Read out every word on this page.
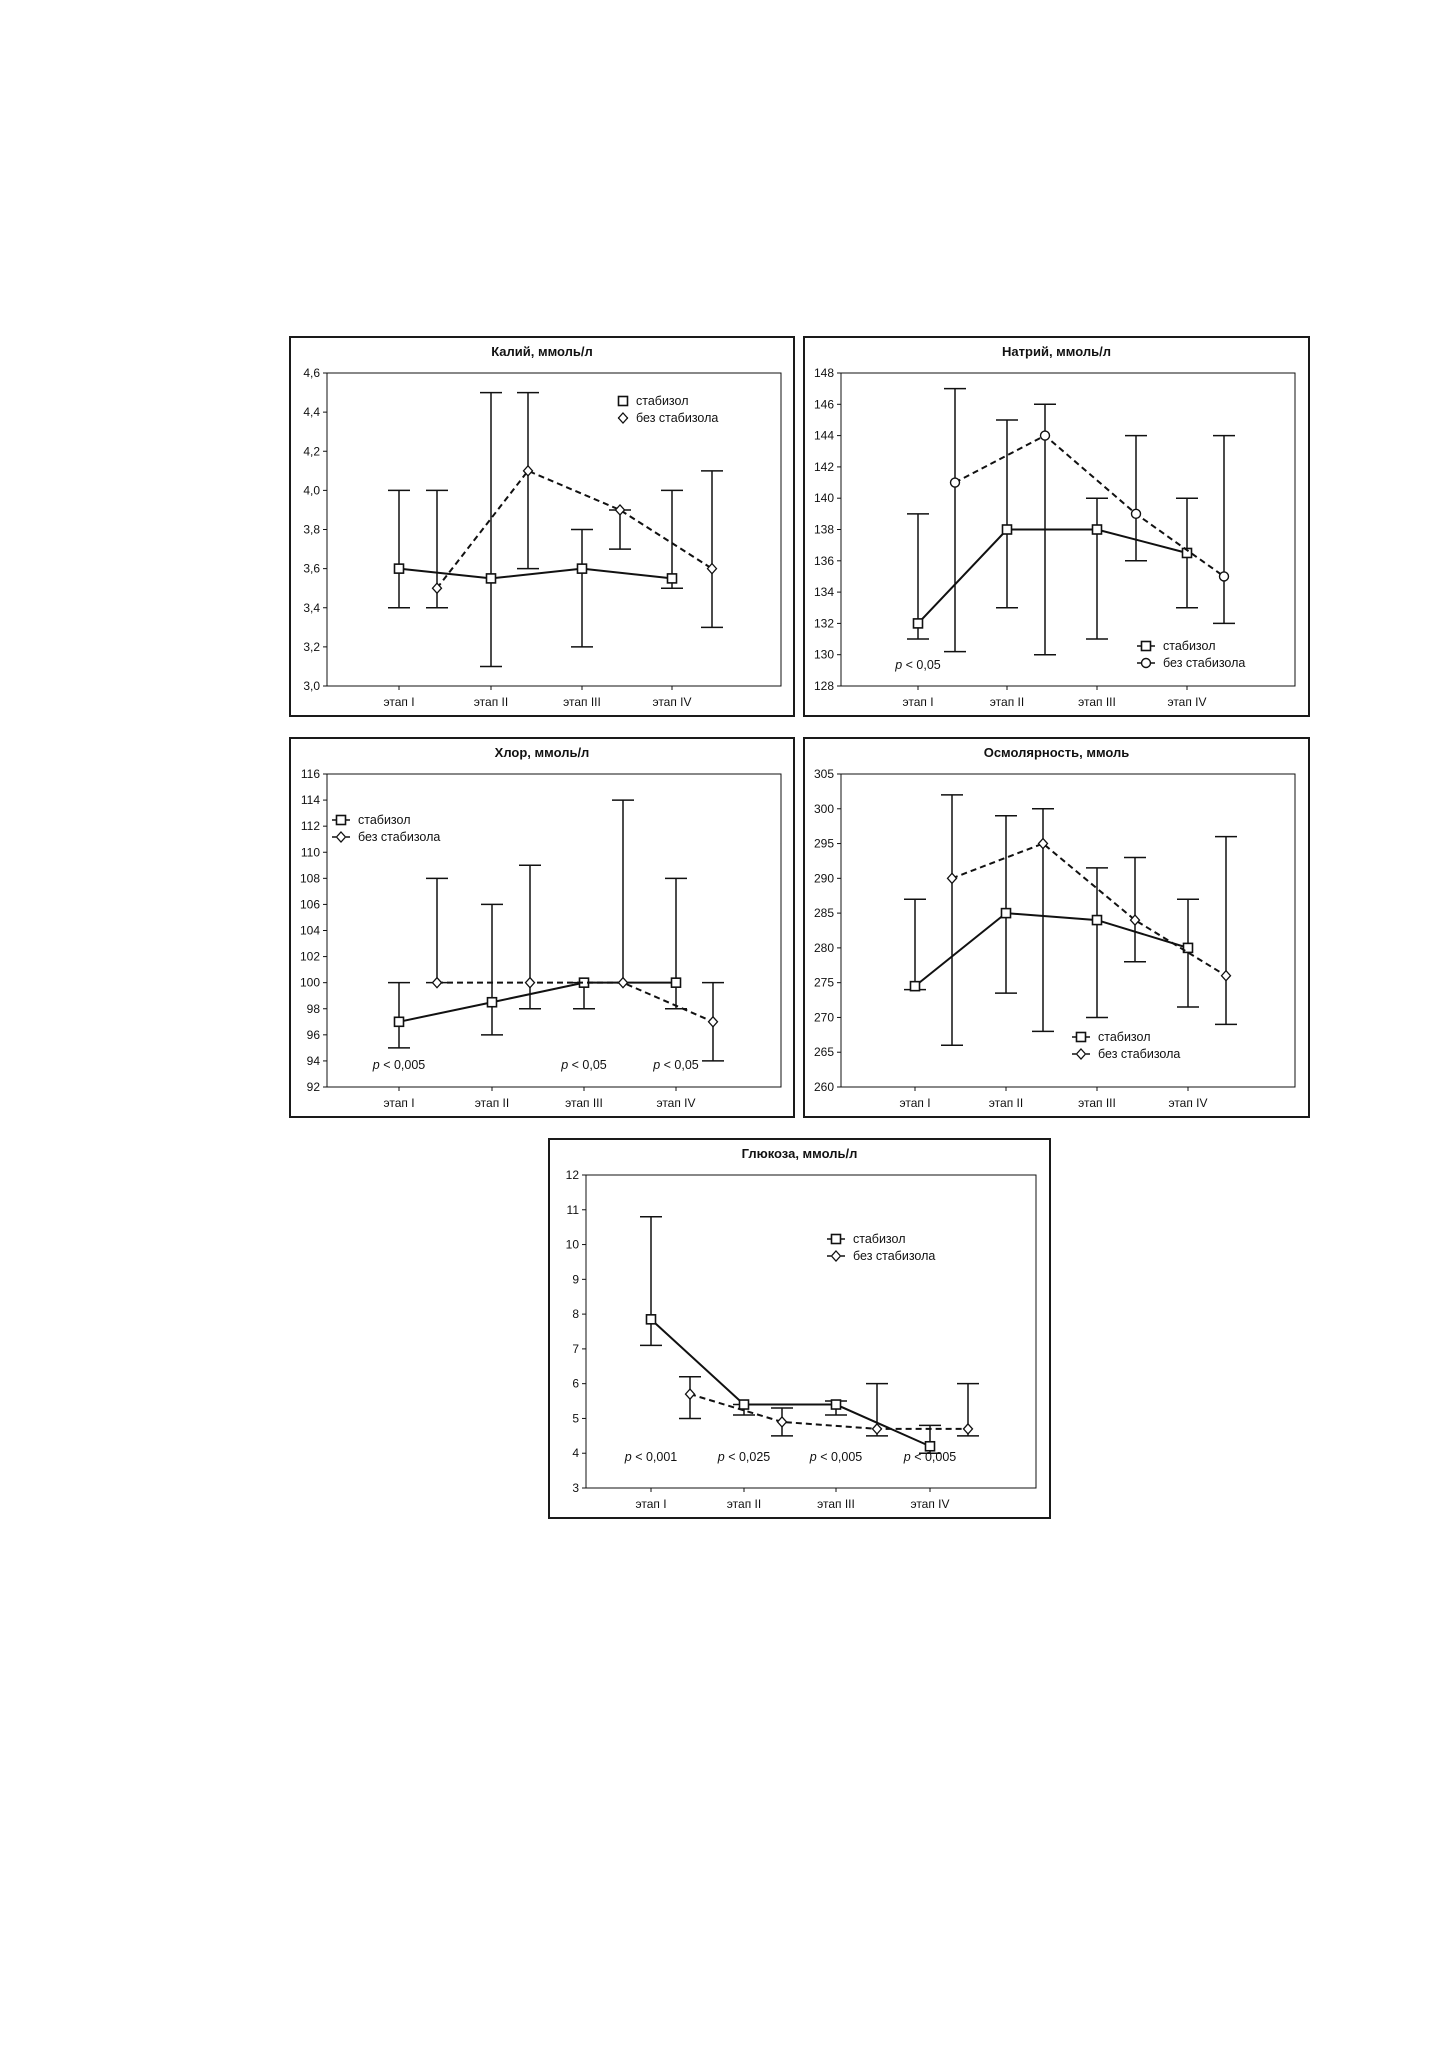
Калий, ммоль/л
3,0
3,2
3,4
3,6
3,8
4,0
4,2
4,4
4,6
этап I	этап II	этап III	этап IV
стабизол
без стабизола
Натрий, ммоль/л
128
130
132
134
136
138
140
142
144
146
148
этап I	этап II	этап III	этап IV
стабизол
без стабизола
p < 0,05
Хлор, ммоль/л
92
94
96
98
100
102
104
106
108
110
112
114
116
этап I	этап II	этап III	этап IV
стабизол
без стабизола
p < 0,005	p < 0,05	p < 0,05
Осмолярность, ммоль
260
265
270
275
280
285
290
295
300
305
этап I	этап II	этап III	этап IV
стабизол
без стабизола
Глюкоза, ммоль/л
3
4
5
6
7
8
9
10
11
12
этап I	этап II	этап III	этап IV
стабизол
без стабизола
p < 0,001	p < 0,025	p < 0,005	p < 0,005
